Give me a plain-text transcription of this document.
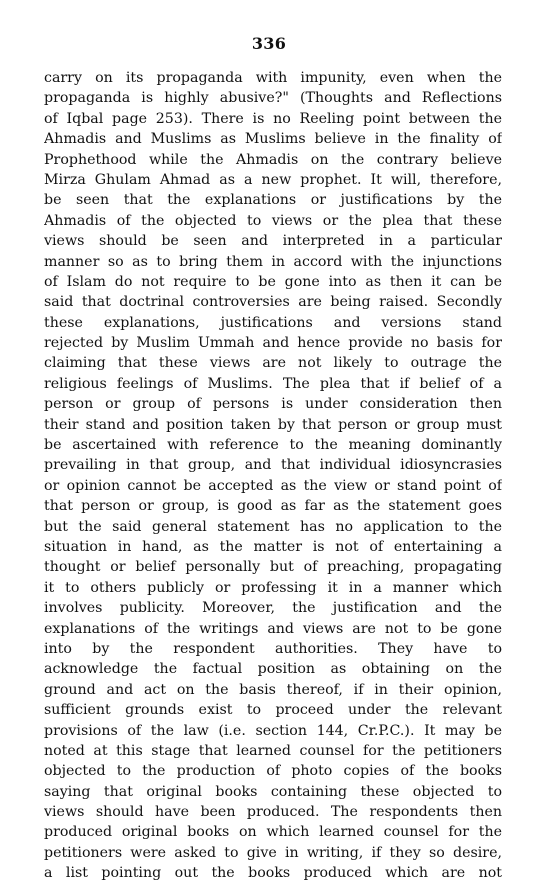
336
carry on its propaganda with impunity, even when the
propaganda is highly abusive?" (Thoughts and Reflections
of Iqbal page 253). There is no Reeling point between the
Ahmadis and Muslims as Muslims believe in the finality of
Prophethood while the Ahmadis on the contrary believe
Mirza Ghulam Ahmad as a new prophet. It will, therefore,
be seen that the explanations or justifications by the
Ahmadis of the objected to views or the plea that these
views should be seen and interpreted in a particular
manner so as to bring them in accord with the injunctions
of Islam do not require to be gone into as then it can be
said that doctrinal controversies are being raised. Secondly
these explanations, justifications and versions stand
rejected by Muslim Ummah and hence provide no basis for
claiming that these views are not likely to outrage the
religious feelings of Muslims. The plea that if belief of a
person or group of persons is under consideration then
their stand and position taken by that person or group must
be ascertained with reference to the meaning dominantly
prevailing in that group, and that individual idiosyncrasies
or opinion cannot be accepted as the view or stand point of
that person or group, is good as far as the statement goes
but the said general statement has no application to the
situation in hand, as the matter is not of entertaining a
thought or belief personally but of preaching, propagating
it to others publicly or professing it in a manner which
involves publicity. Moreover, the justification and the
explanations of the writings and views are not to be gone
into by the respondent authorities. They have to
acknowledge the factual position as obtaining on the
ground and act on the basis thereof, if in their opinion,
sufficient grounds exist to proceed under the relevant
provisions of the law (i.e. section 144, Cr.P.C.). It may be
noted at this stage that learned counsel for the petitioners
objected to the production of photo copies of the books
saying that original books containing these objected to
views should have been produced. The respondents then
produced original books on which learned counsel for the
petitioners were asked to give in writing, if they so desire,
a list pointing out the books produced which are not
